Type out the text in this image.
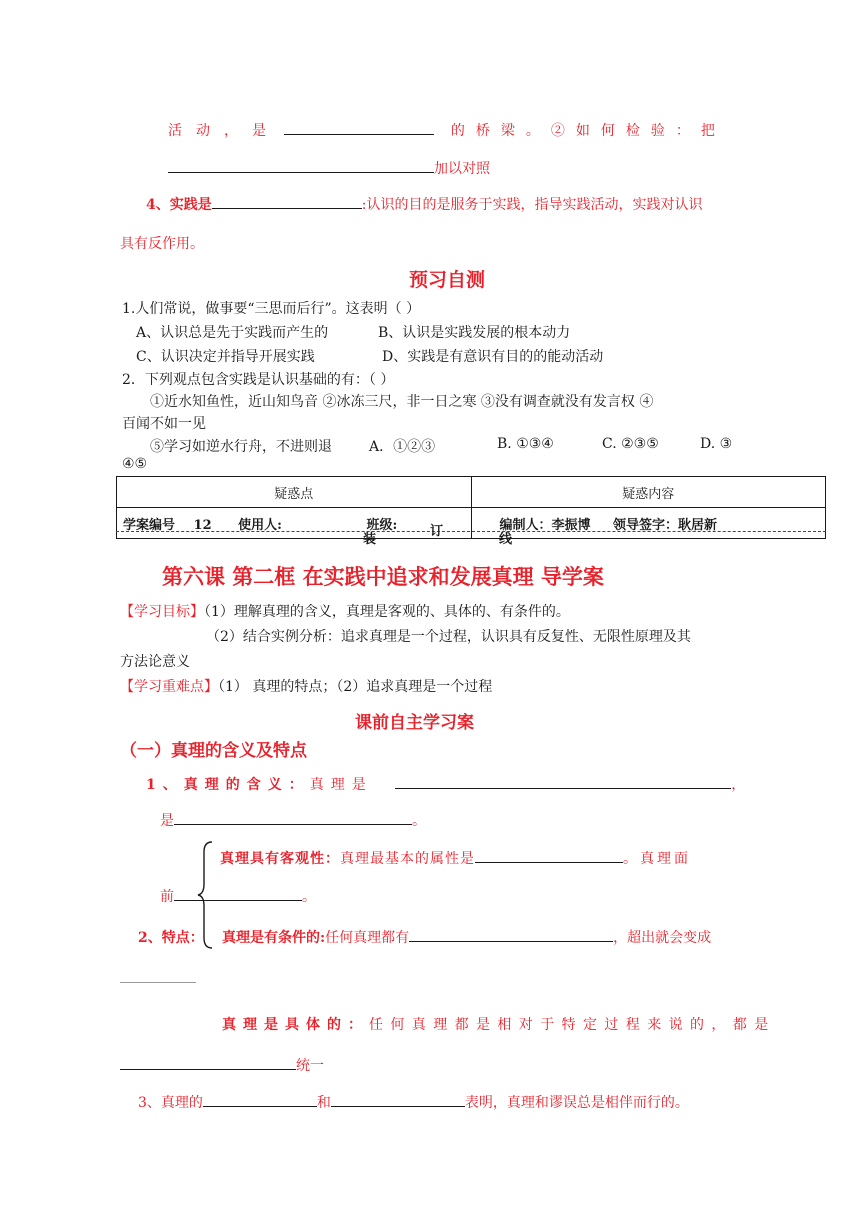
活动，是	的桥梁。②如何检验：把
加以对照
4、实践是	:认识的目的是服务于实践，指导实践活动，实践对认识
具有反作用。
预习自测
1.人们常说，做事要“三思而后行”。这表明（ ）
A、认识总是先于实践而产生的	B、认识是实践发展的根本动力
C、认识决定并指导开展实践	D、实践是有意识有目的的能动活动
2．下列观点包含实践是认识基础的有：（ ）
①近水知鱼性，近山知鸟音 ②冰冻三尺，非一日之寒 ③没有调查就没有发言权 ④
百闻不如一见
⑤学习如逆水行舟，不进则退	A．①②③	B. ①③④	C. ②③⑤	D. ③
④⑤
疑惑点	疑惑内容
学案编号 12 使用人: 班级:	编制人：李振博 领导签字：耿居新
装
订
线
第六课 第二框 在实践中追求和发展真理 导学案
【学习目标】（1）理解真理的含义，真理是客观的、具体的、有条件的。
（2）结合实例分析：追求真理是一个过程，认识具有反复性、无限性原理及其
方法论意义
【学习重难点】（1） 真理的特点；（2）追求真理是一个过程
课前自主学习案
（一）真理的含义及特点
1、真理的含义：真理是	，
是	。
真理具有客观性：真理最基本的属性是	。真理面
前	。
2、特点： 真理是有条件的:任何真理都有	，超出就会变成
真理是具体的：任何真理都是相对于特定过程来说的，都是
统一
3、真理的	和	表明，真理和谬误总是相伴而行的。
